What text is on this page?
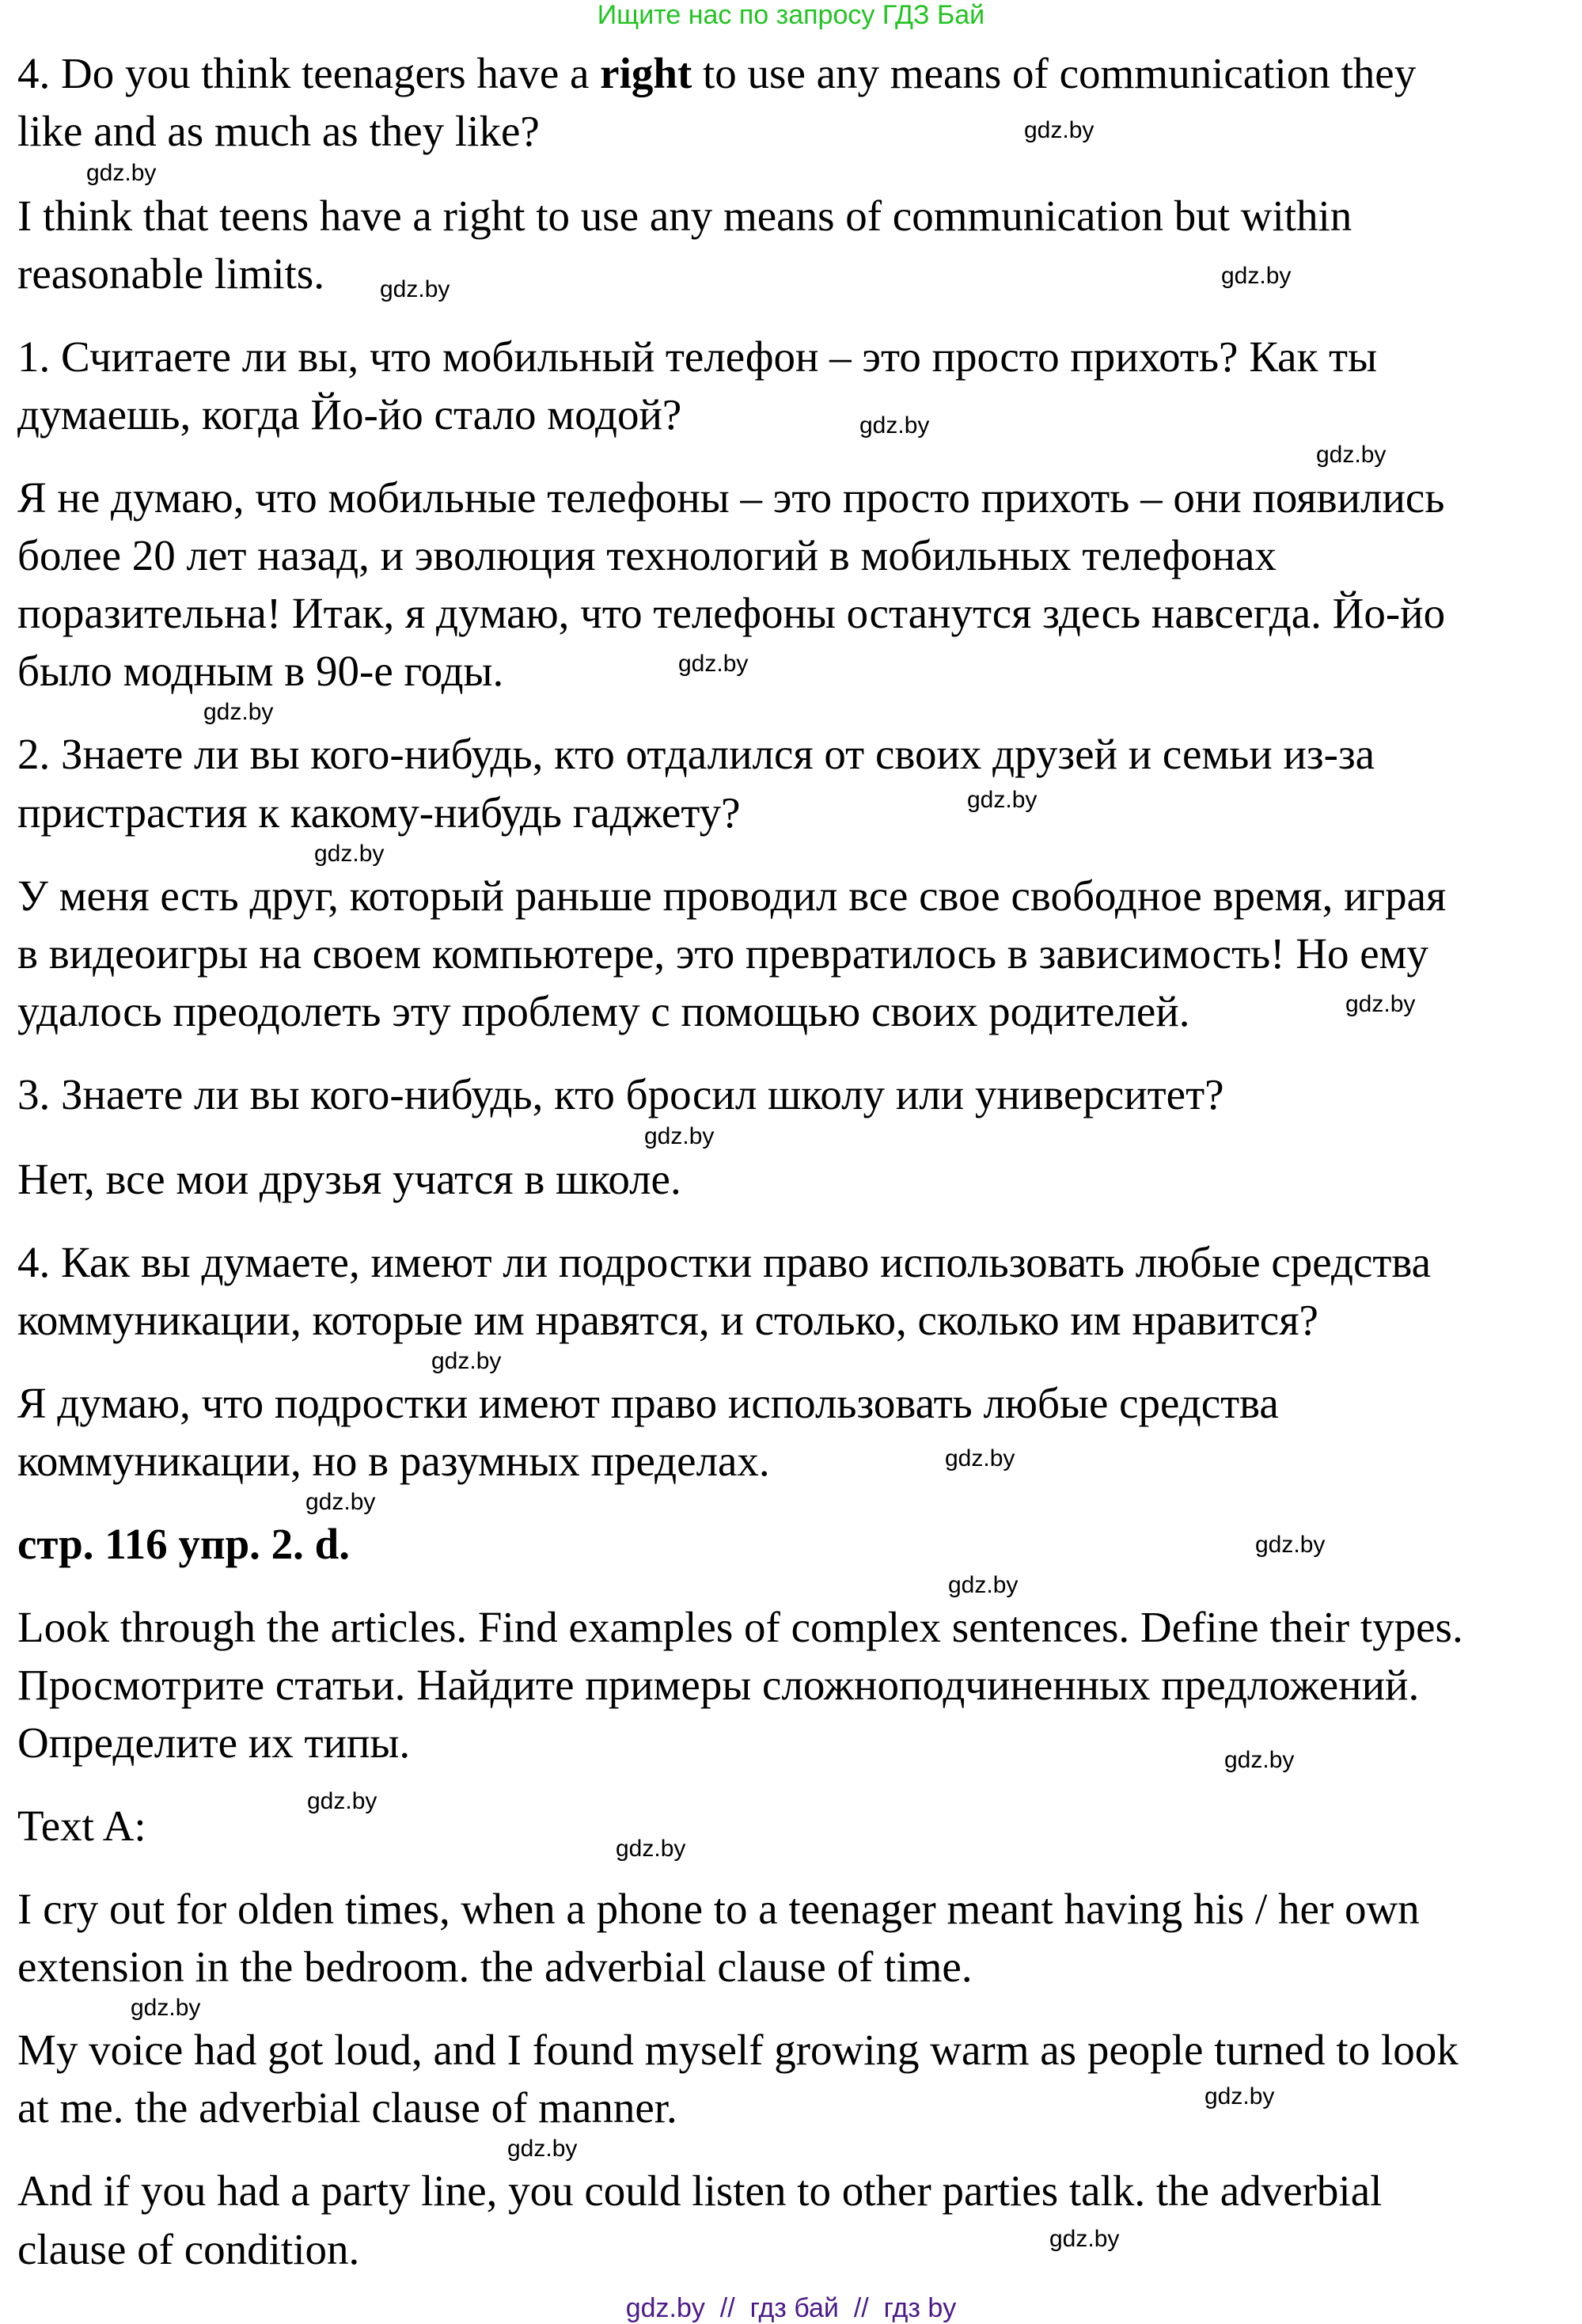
Ищите нас по запросу ГДЗ Бай
4. Do you think teenagers have a right to use any means of communication they
like and as much as they like?
I think that teens have a right to use any means of communication but within
reasonable limits.
1. Считаете ли вы, что мобильный телефон – это просто прихоть? Как ты
думаешь, когда Йо-йо стало модой?
Я не думаю, что мобильные телефоны – это просто прихоть – они появились
более 20 лет назад, и эволюция технологий в мобильных телефонах
поразительна! Итак, я думаю, что телефоны останутся здесь навсегда. Йо-йо
было модным в 90-е годы.
2. Знаете ли вы кого-нибудь, кто отдалился от своих друзей и семьи из-за
пристрастия к какому-нибудь гаджету?
У меня есть друг, который раньше проводил все свое свободное время, играя
в видеоигры на своем компьютере, это превратилось в зависимость! Но ему
удалось преодолеть эту проблему с помощью своих родителей.
3. Знаете ли вы кого-нибудь, кто бросил школу или университет?
Нет, все мои друзья учатся в школе.
4. Как вы думаете, имеют ли подростки право использовать любые средства
коммуникации, которые им нравятся, и столько, сколько им нравится?
Я думаю, что подростки имеют право использовать любые средства
коммуникации, но в разумных пределах.
стр. 116 упр. 2. d.
Look through the articles. Find examples of complex sentences. Define their types.
Просмотрите статьи. Найдите примеры сложноподчиненных предложений.
Определите их типы.
Text A:
I cry out for olden times, when a phone to a teenager meant having his / her own
extension in the bedroom. the adverbial clause of time.
My voice had got loud, and I found myself growing warm as people turned to look
at me. the adverbial clause of manner.
And if you had a party line, you could listen to other parties talk. the adverbial
clause of condition.
gdz.by
gdz.by
gdz.by
gdz.by
gdz.by
gdz.by
gdz.by
gdz.by
gdz.by
gdz.by
gdz.by
gdz.by
gdz.by
gdz.by
gdz.by
gdz.by
gdz.by
gdz.by
gdz.by
gdz.by
gdz.by
gdz.by
gdz.by
gdz.by
gdz.by  //  гдз бай  //  гдз by
